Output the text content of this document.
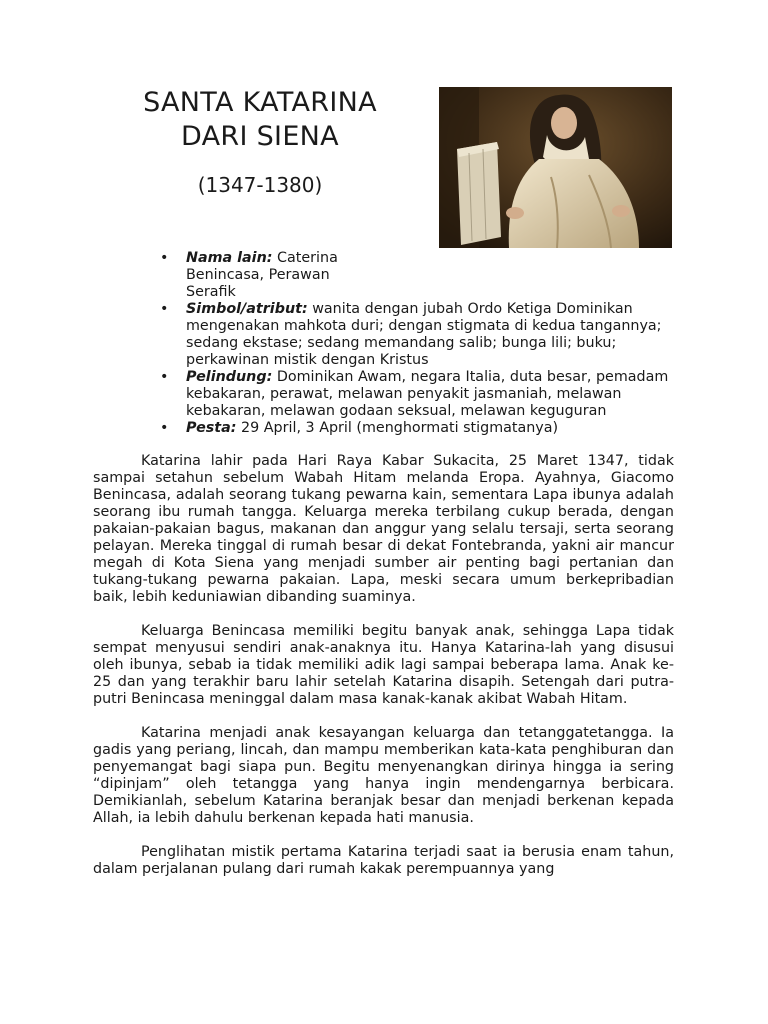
SANTA KATARINA
DARI SIENA
(1347-1380)
• Nama lain: Caterina Benincasa, Perawan Serafik
• Simbol/atribut: wanita dengan jubah Ordo Ketiga Dominikan mengenakan mahkota duri; dengan stigmata di kedua tangannya; sedang ekstase; sedang memandang salib; bunga lili; buku; perkawinan mistik dengan Kristus
• Pelindung: Dominikan Awam, negara Italia, duta besar, pemadam kebakaran, perawat, melawan penyakit jasmaniah, melawan kebakaran, melawan godaan seksual, melawan keguguran
• Pesta: 29 April, 3 April (menghormati stigmatanya)

Katarina lahir pada Hari Raya Kabar Sukacita, 25 Maret 1347, tidak sampai setahun sebelum Wabah Hitam melanda Eropa. Ayahnya, Giacomo Benincasa, adalah seorang tukang pewarna kain, sementara Lapa ibunya adalah seorang ibu rumah tangga. Keluarga mereka terbilang cukup berada, dengan pakaian-pakaian bagus, makanan dan anggur yang selalu tersaji, serta seorang pelayan. Mereka tinggal di rumah besar di dekat Fontebranda, yakni air mancur megah di Kota Siena yang menjadi sumber air penting bagi pertanian dan tukang-tukang pewarna pakaian. Lapa, meski secara umum berkepribadian baik, lebih keduniawian dibanding suaminya.

Keluarga Benincasa memiliki begitu banyak anak, sehingga Lapa tidak sempat menyusui sendiri anak-anaknya itu. Hanya Katarina-lah yang disusui oleh ibunya, sebab ia tidak memiliki adik lagi sampai beberapa lama. Anak ke-25 dan yang terakhir baru lahir setelah Katarina disapih. Setengah dari putra-putri Benincasa meninggal dalam masa kanak-kanak akibat Wabah Hitam.

Katarina menjadi anak kesayangan keluarga dan tetanggatetangga. Ia gadis yang periang, lincah, dan mampu memberikan kata-kata penghiburan dan penyemangat bagi siapa pun. Begitu menyenangkan dirinya hingga ia sering “dipinjam” oleh tetangga yang hanya ingin mendengarnya berbicara. Demikianlah, sebelum Katarina beranjak besar dan menjadi berkenan kepada Allah, ia lebih dahulu berkenan kepada hati manusia.

Penglihatan mistik pertama Katarina terjadi saat ia berusia enam tahun, dalam perjalanan pulang dari rumah kakak perempuannya yang
